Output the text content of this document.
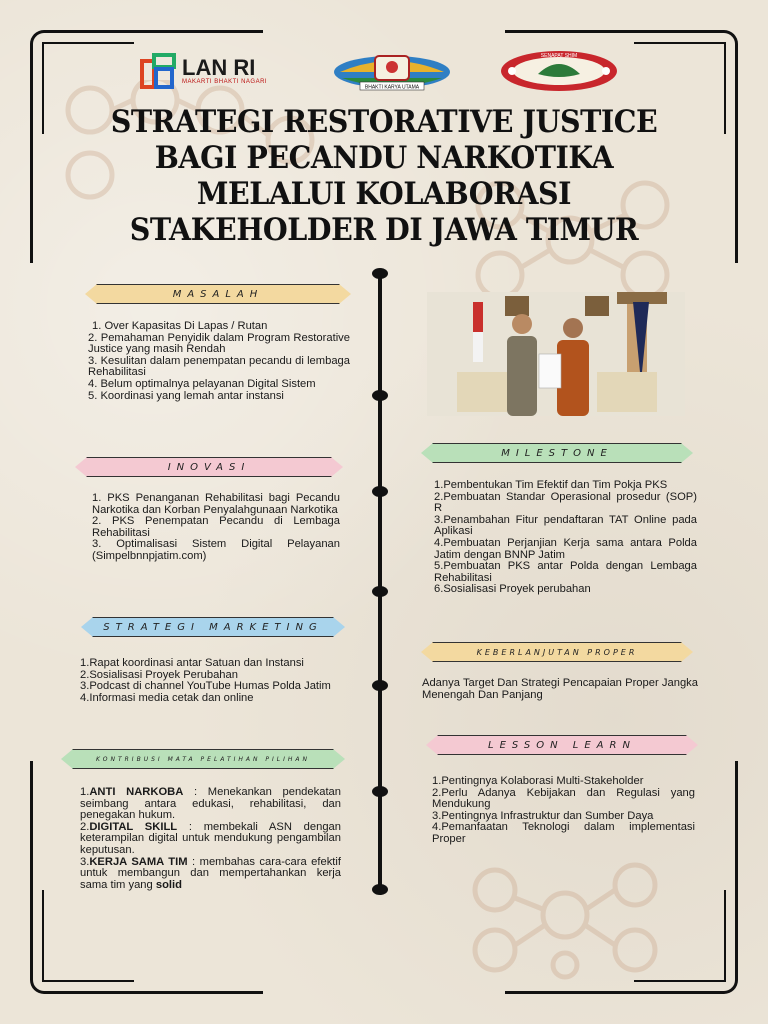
LAN RI
MAKARTI BHAKTI NAGARI
BHAKTI KARYA UTAMA
SENAPAT SHIM
STRATEGI RESTORATIVE JUSTICE BAGI PECANDU NARKOTIKA MELALUI KOLABORASI STAKEHOLDER DI JAWA TIMUR
MASALAH
1. Over Kapasitas Di Lapas / Rutan
2. Pemahaman Penyidik dalam Program Restorative Justice yang masih Rendah
3. Kesulitan dalam penempatan pecandu di lembaga Rehabilitasi
4. Belum optimalnya pelayanan Digital Sistem
5. Koordinasi yang lemah antar instansi
INOVASI
1. PKS Penanganan Rehabilitasi bagi Pecandu Narkotika dan Korban Penyalahgunaan Narkotika
2. PKS Penempatan Pecandu di Lembaga Rehabilitasi
3. Optimalisasi Sistem Digital Pelayanan (Simpelbnnpjatim.com)
STRATEGI MARKETING
1.Rapat koordinasi antar Satuan dan Instansi
2.Sosialisasi Proyek Perubahan
3.Podcast di channel YouTube Humas Polda Jatim
4.Informasi media cetak dan online
KONTRIBUSI MATA PELATIHAN PILIHAN
1.ANTI NARKOBA : Menekankan pendekatan seimbang antara edukasi, rehabilitasi, dan penegakan hukum.
2.DIGITAL SKILL : membekali ASN dengan keterampilan digital untuk mendukung pengambilan keputusan.
3.KERJA SAMA TIM : membahas cara-cara efektif untuk membangun dan mempertahankan kerja sama tim yang solid
MILESTONE
1.Pembentukan Tim Efektif dan Tim Pokja PKS
2.Pembuatan Standar Operasional prosedur (SOP) R
3.Penambahan Fitur pendaftaran TAT Online pada Aplikasi
4.Pembuatan Perjanjian Kerja sama antara Polda Jatim dengan BNNP Jatim
5.Pembuatan PKS antar Polda dengan Lembaga Rehabilitasi
6.Sosialisasi Proyek perubahan
KEBERLANJUTAN PROPER

Adanya Target Dan Strategi Pencapaian Proper Jangka Menengah Dan Panjang

LESSON LEARN
1.Pentingnya Kolaborasi Multi-Stakeholder
2.Perlu Adanya Kebijakan dan Regulasi yang Mendukung
3.Pentingnya Infrastruktur dan Sumber Daya
4.Pemanfaatan Teknologi dalam implementasi Proper
